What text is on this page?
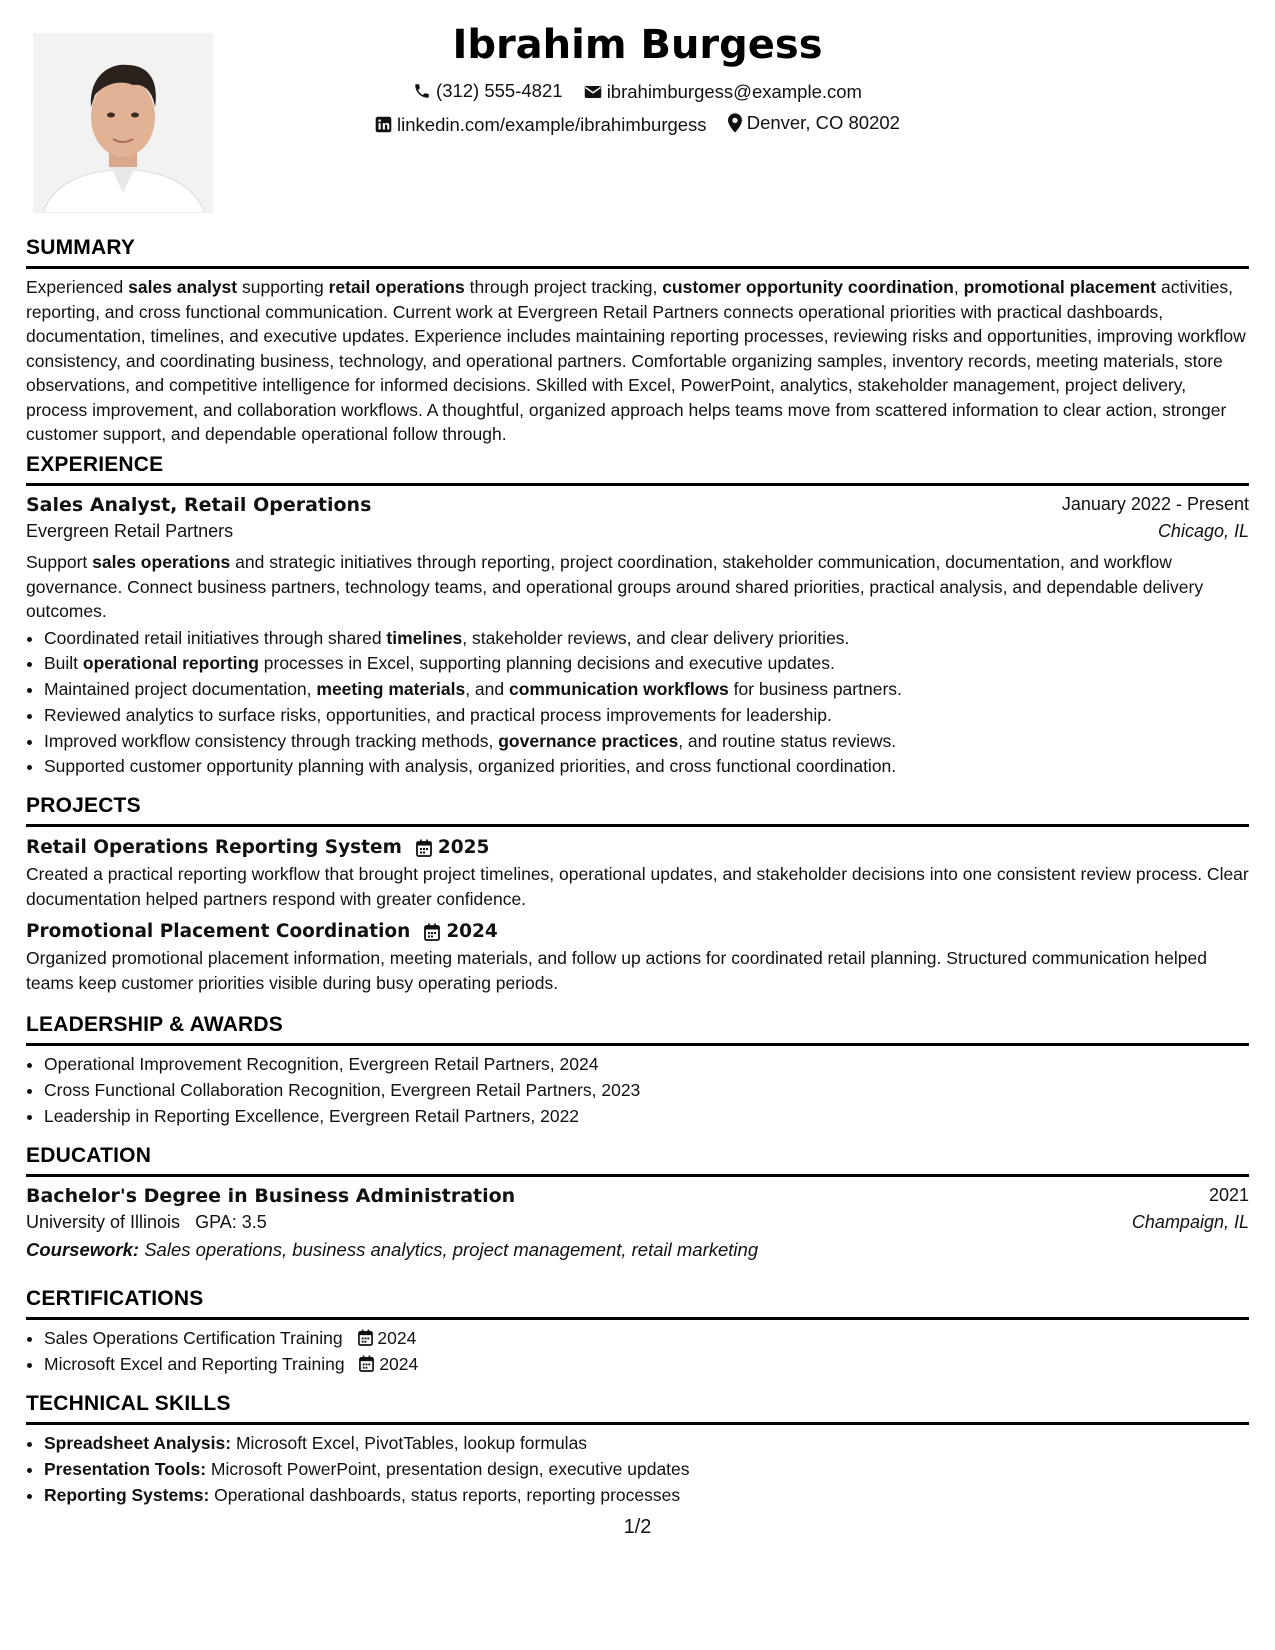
Ibrahim Burgess
(312) 555-4821
ibrahimburgess@example.com
linkedin.com/example/ibrahimburgess
Denver, CO 80202
SUMMARY

Experienced sales analyst supporting retail operations through project tracking, customer opportunity coordination, promotional placement activities, reporting, and cross functional communication. Current work at Evergreen Retail Partners connects operational priorities with practical dashboards, documentation, timelines, and executive updates. Experience includes maintaining reporting processes, reviewing risks and opportunities, improving workflow consistency, and coordinating business, technology, and operational partners. Comfortable organizing samples, inventory records, meeting materials, store observations, and competitive intelligence for informed decisions. Skilled with Excel, PowerPoint, analytics, stakeholder management, project delivery, process improvement, and collaboration workflows. A thoughtful, organized approach helps teams move from scattered information to clear action, stronger customer support, and dependable operational follow through.

EXPERIENCE
Sales Analyst, Retail Operations	January 2022 - Present
Evergreen Retail Partners	Chicago, IL

Support sales operations and strategic initiatives through reporting, project coordination, stakeholder communication, documentation, and workflow governance. Connect business partners, technology teams, and operational groups around shared priorities, practical analysis, and dependable delivery outcomes.

• Coordinated retail initiatives through shared timelines, stakeholder reviews, and clear delivery priorities.
• Built operational reporting processes in Excel, supporting planning decisions and executive updates.
• Maintained project documentation, meeting materials, and communication workflows for business partners.
• Reviewed analytics to surface risks, opportunities, and practical process improvements for leadership.
• Improved workflow consistency through tracking methods, governance practices, and routine status reviews.
• Supported customer opportunity planning with analysis, organized priorities, and cross functional coordination.
PROJECTS
Retail Operations Reporting System 2025

Created a practical reporting workflow that brought project timelines, operational updates, and stakeholder decisions into one consistent review process. Clear documentation helped partners respond with greater confidence.

Promotional Placement Coordination 2024

Organized promotional placement information, meeting materials, and follow up actions for coordinated retail planning. Structured communication helped teams keep customer priorities visible during busy operating periods.

LEADERSHIP & AWARDS
• Operational Improvement Recognition, Evergreen Retail Partners, 2024
• Cross Functional Collaboration Recognition, Evergreen Retail Partners, 2023
• Leadership in Reporting Excellence, Evergreen Retail Partners, 2022
EDUCATION
Bachelor's Degree in Business Administration	2021
University of Illinois GPA: 3.5	Champaign, IL
Coursework: Sales operations, business analytics, project management, retail marketing
CERTIFICATIONS
• Sales Operations Certification Training 2024
• Microsoft Excel and Reporting Training 2024
TECHNICAL SKILLS
• Spreadsheet Analysis: Microsoft Excel, PivotTables, lookup formulas
• Presentation Tools: Microsoft PowerPoint, presentation design, executive updates
• Reporting Systems: Operational dashboards, status reports, reporting processes
1/2
